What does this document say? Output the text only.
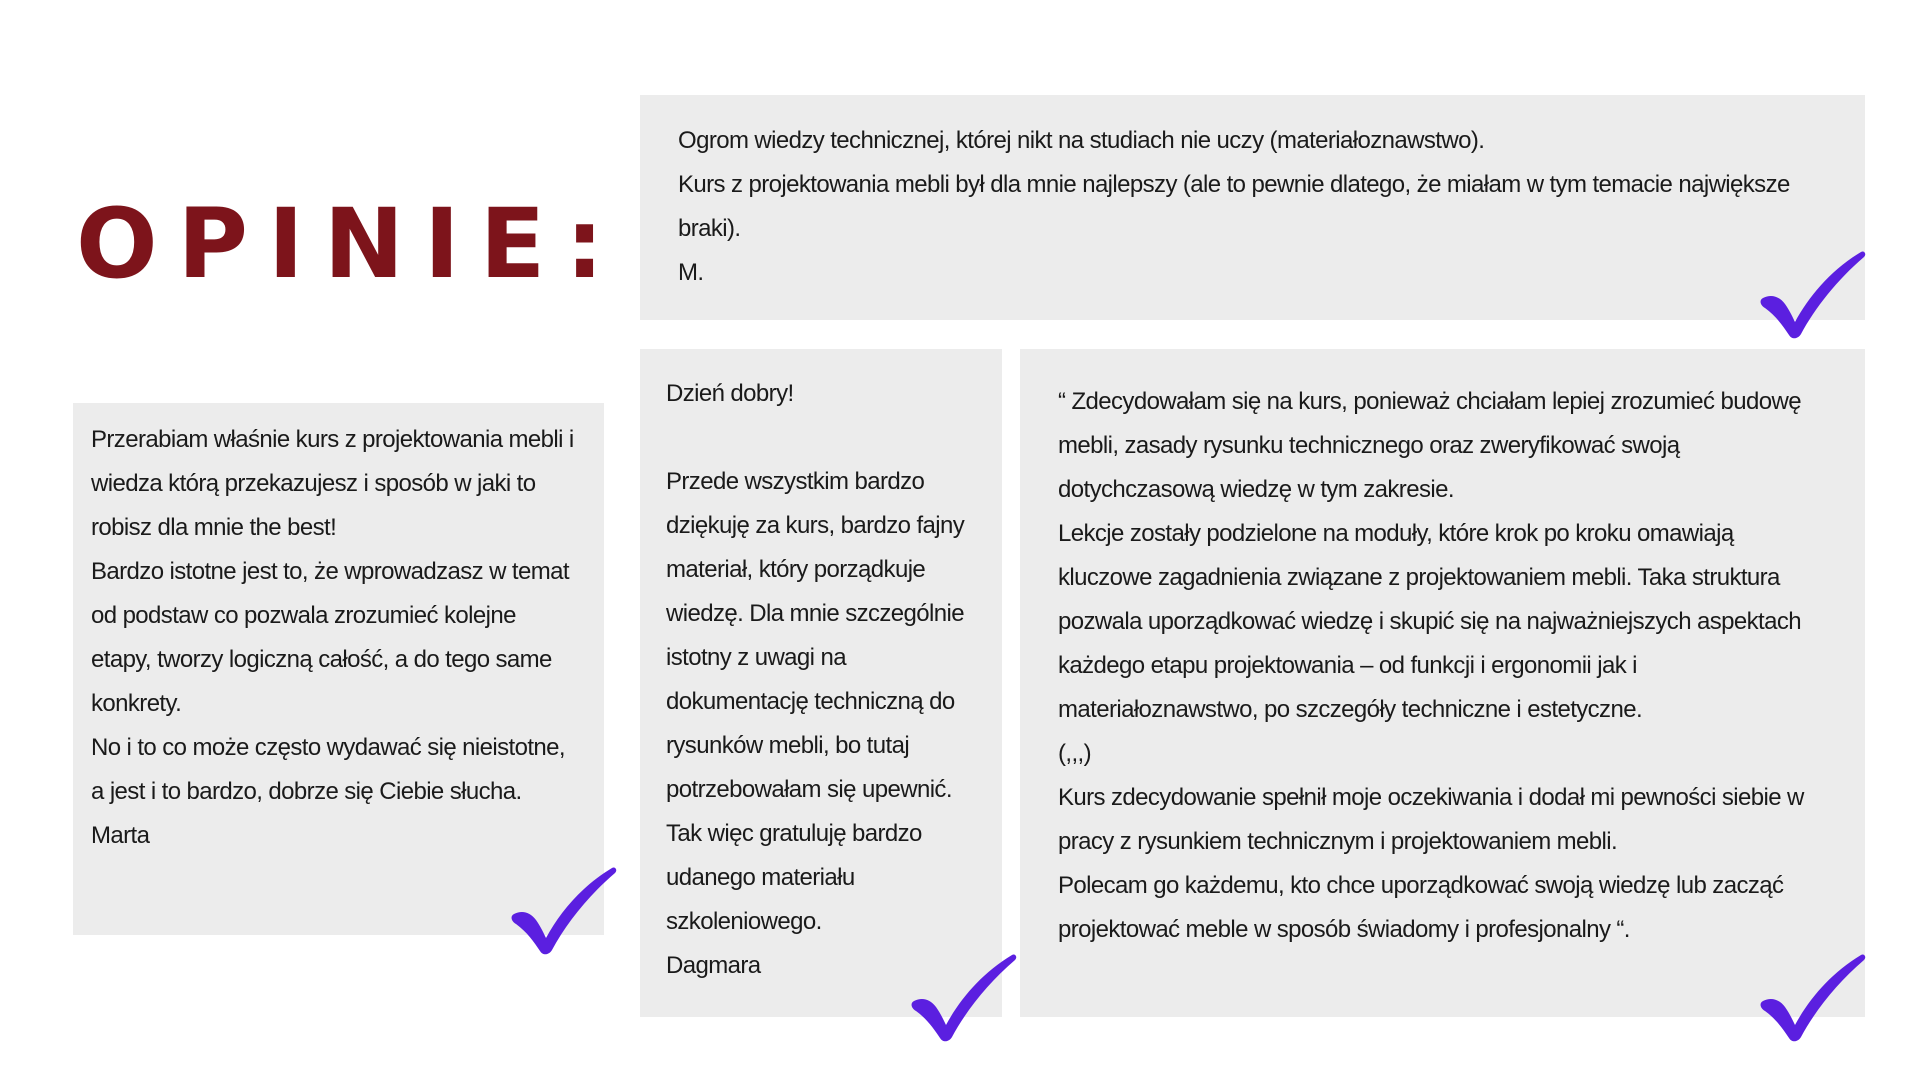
OPINIE:

Ogrom wiedzy technicznej, której nikt na studiach nie uczy (materiałoznawstwo).

Kurs z projektowania mebli był dla mnie najlepszy (ale to pewnie dlatego, że miałam w tym temacie największe

braki).

M.

Przerabiam właśnie kurs z projektowania mebli i

wiedza którą przekazujesz i sposób w jaki to

robisz dla mnie the best!

Bardzo istotne jest to, że wprowadzasz w temat

od podstaw co pozwala zrozumieć kolejne

etapy, tworzy logiczną całość, a do tego same

konkrety.

No i to co może często wydawać się nieistotne,

a jest i to bardzo, dobrze się Ciebie słucha.

Marta

Dzień dobry!

Przede wszystkim bardzo

dziękuję za kurs, bardzo fajny

materiał, który porządkuje

wiedzę. Dla mnie szczególnie

istotny z uwagi na

dokumentację techniczną do

rysunków mebli, bo tutaj

potrzebowałam się upewnić.

Tak więc gratuluję bardzo

udanego materiału

szkoleniowego.

Dagmara

“ Zdecydowałam się na kurs, ponieważ chciałam lepiej zrozumieć budowę

mebli, zasady rysunku technicznego oraz zweryfikować swoją

dotychczasową wiedzę w tym zakresie.

Lekcje zostały podzielone na moduły, które krok po kroku omawiają

kluczowe zagadnienia związane z projektowaniem mebli. Taka struktura

pozwala uporządkować wiedzę i skupić się na najważniejszych aspektach

każdego etapu projektowania – od funkcji i ergonomii jak i

materiałoznawstwo, po szczegóły techniczne i estetyczne.

(,,,)

Kurs zdecydowanie spełnił moje oczekiwania i dodał mi pewności siebie w

pracy z rysunkiem technicznym i projektowaniem mebli.

Polecam go każdemu, kto chce uporządkować swoją wiedzę lub zacząć

projektować meble w sposób świadomy i profesjonalny “.
